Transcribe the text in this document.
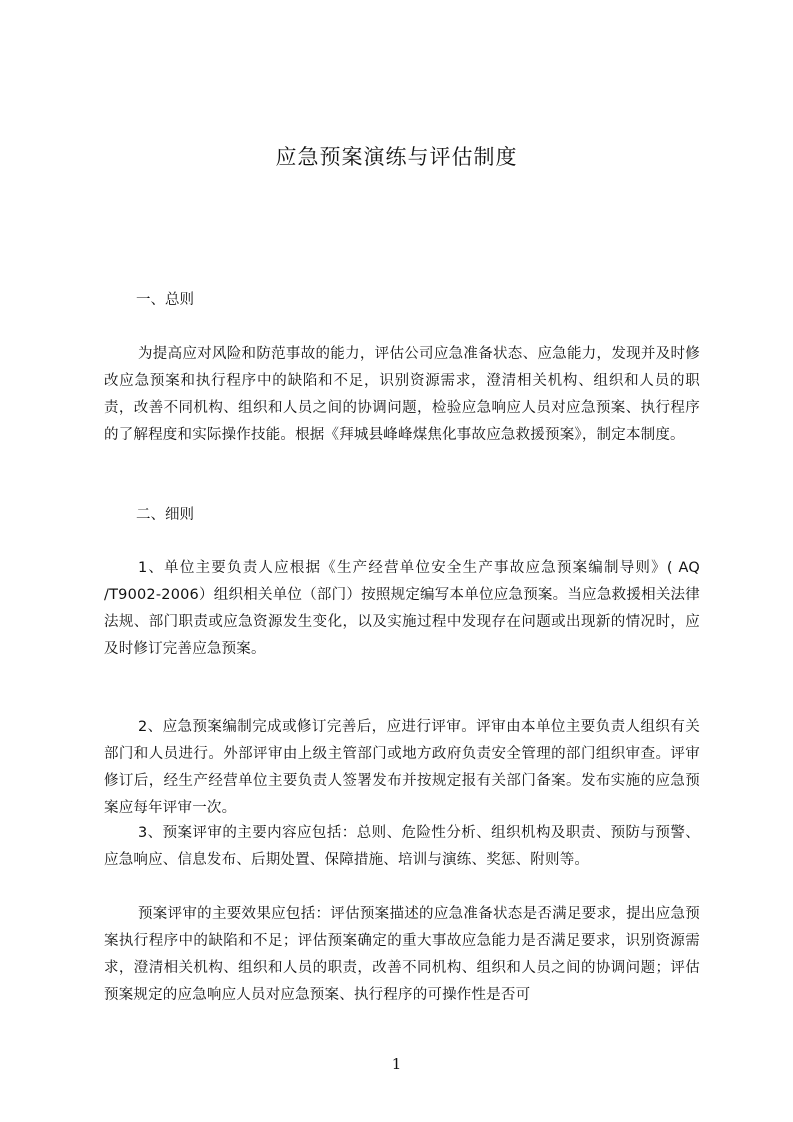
应急预案演练与评估制度

一、总则

为提高应对风险和防范事故的能力，评估公司应急准备状态、应急能力，发现并及时修改应急预案和执行程序中的缺陷和不足，识别资源需求，澄清相关机构、组织和人员的职责，改善不同机构、组织和人员之间的协调问题，检验应急响应人员对应急预案、执行程序的了解程度和实际操作技能。根据《拜城县峰峰煤焦化事故应急救援预案》，制定本制度。

二、细则

1、单位主要负责人应根据《生产经营单位安全生产事故应急预案编制导则》( AQ /T9002-2006）组织相关单位（部门）按照规定编写本单位应急预案。当应急救援相关法律法规、部门职责或应急资源发生变化，以及实施过程中发现存在问题或出现新的情况时，应及时修订完善应急预案。

2、应急预案编制完成或修订完善后，应进行评审。评审由本单位主要负责人组织有关部门和人员进行。外部评审由上级主管部门或地方政府负责安全管理的部门组织审查。评审修订后，经生产经营单位主要负责人签署发布并按规定报有关部门备案。发布实施的应急预案应每年评审一次。

3、预案评审的主要内容应包括：总则、危险性分析、组织机构及职责、预防与预警、应急响应、信息发布、后期处置、保障措施、培训与演练、奖惩、附则等。

预案评审的主要效果应包括：评估预案描述的应急准备状态是否满足要求，提出应急预案执行程序中的缺陷和不足；评估预案确定的重大事故应急能力是否满足要求，识别资源需求，澄清相关机构、组织和人员的职责，改善不同机构、组织和人员之间的协调问题；评估预案规定的应急响应人员对应急预案、执行程序的可操作性是否可

1
